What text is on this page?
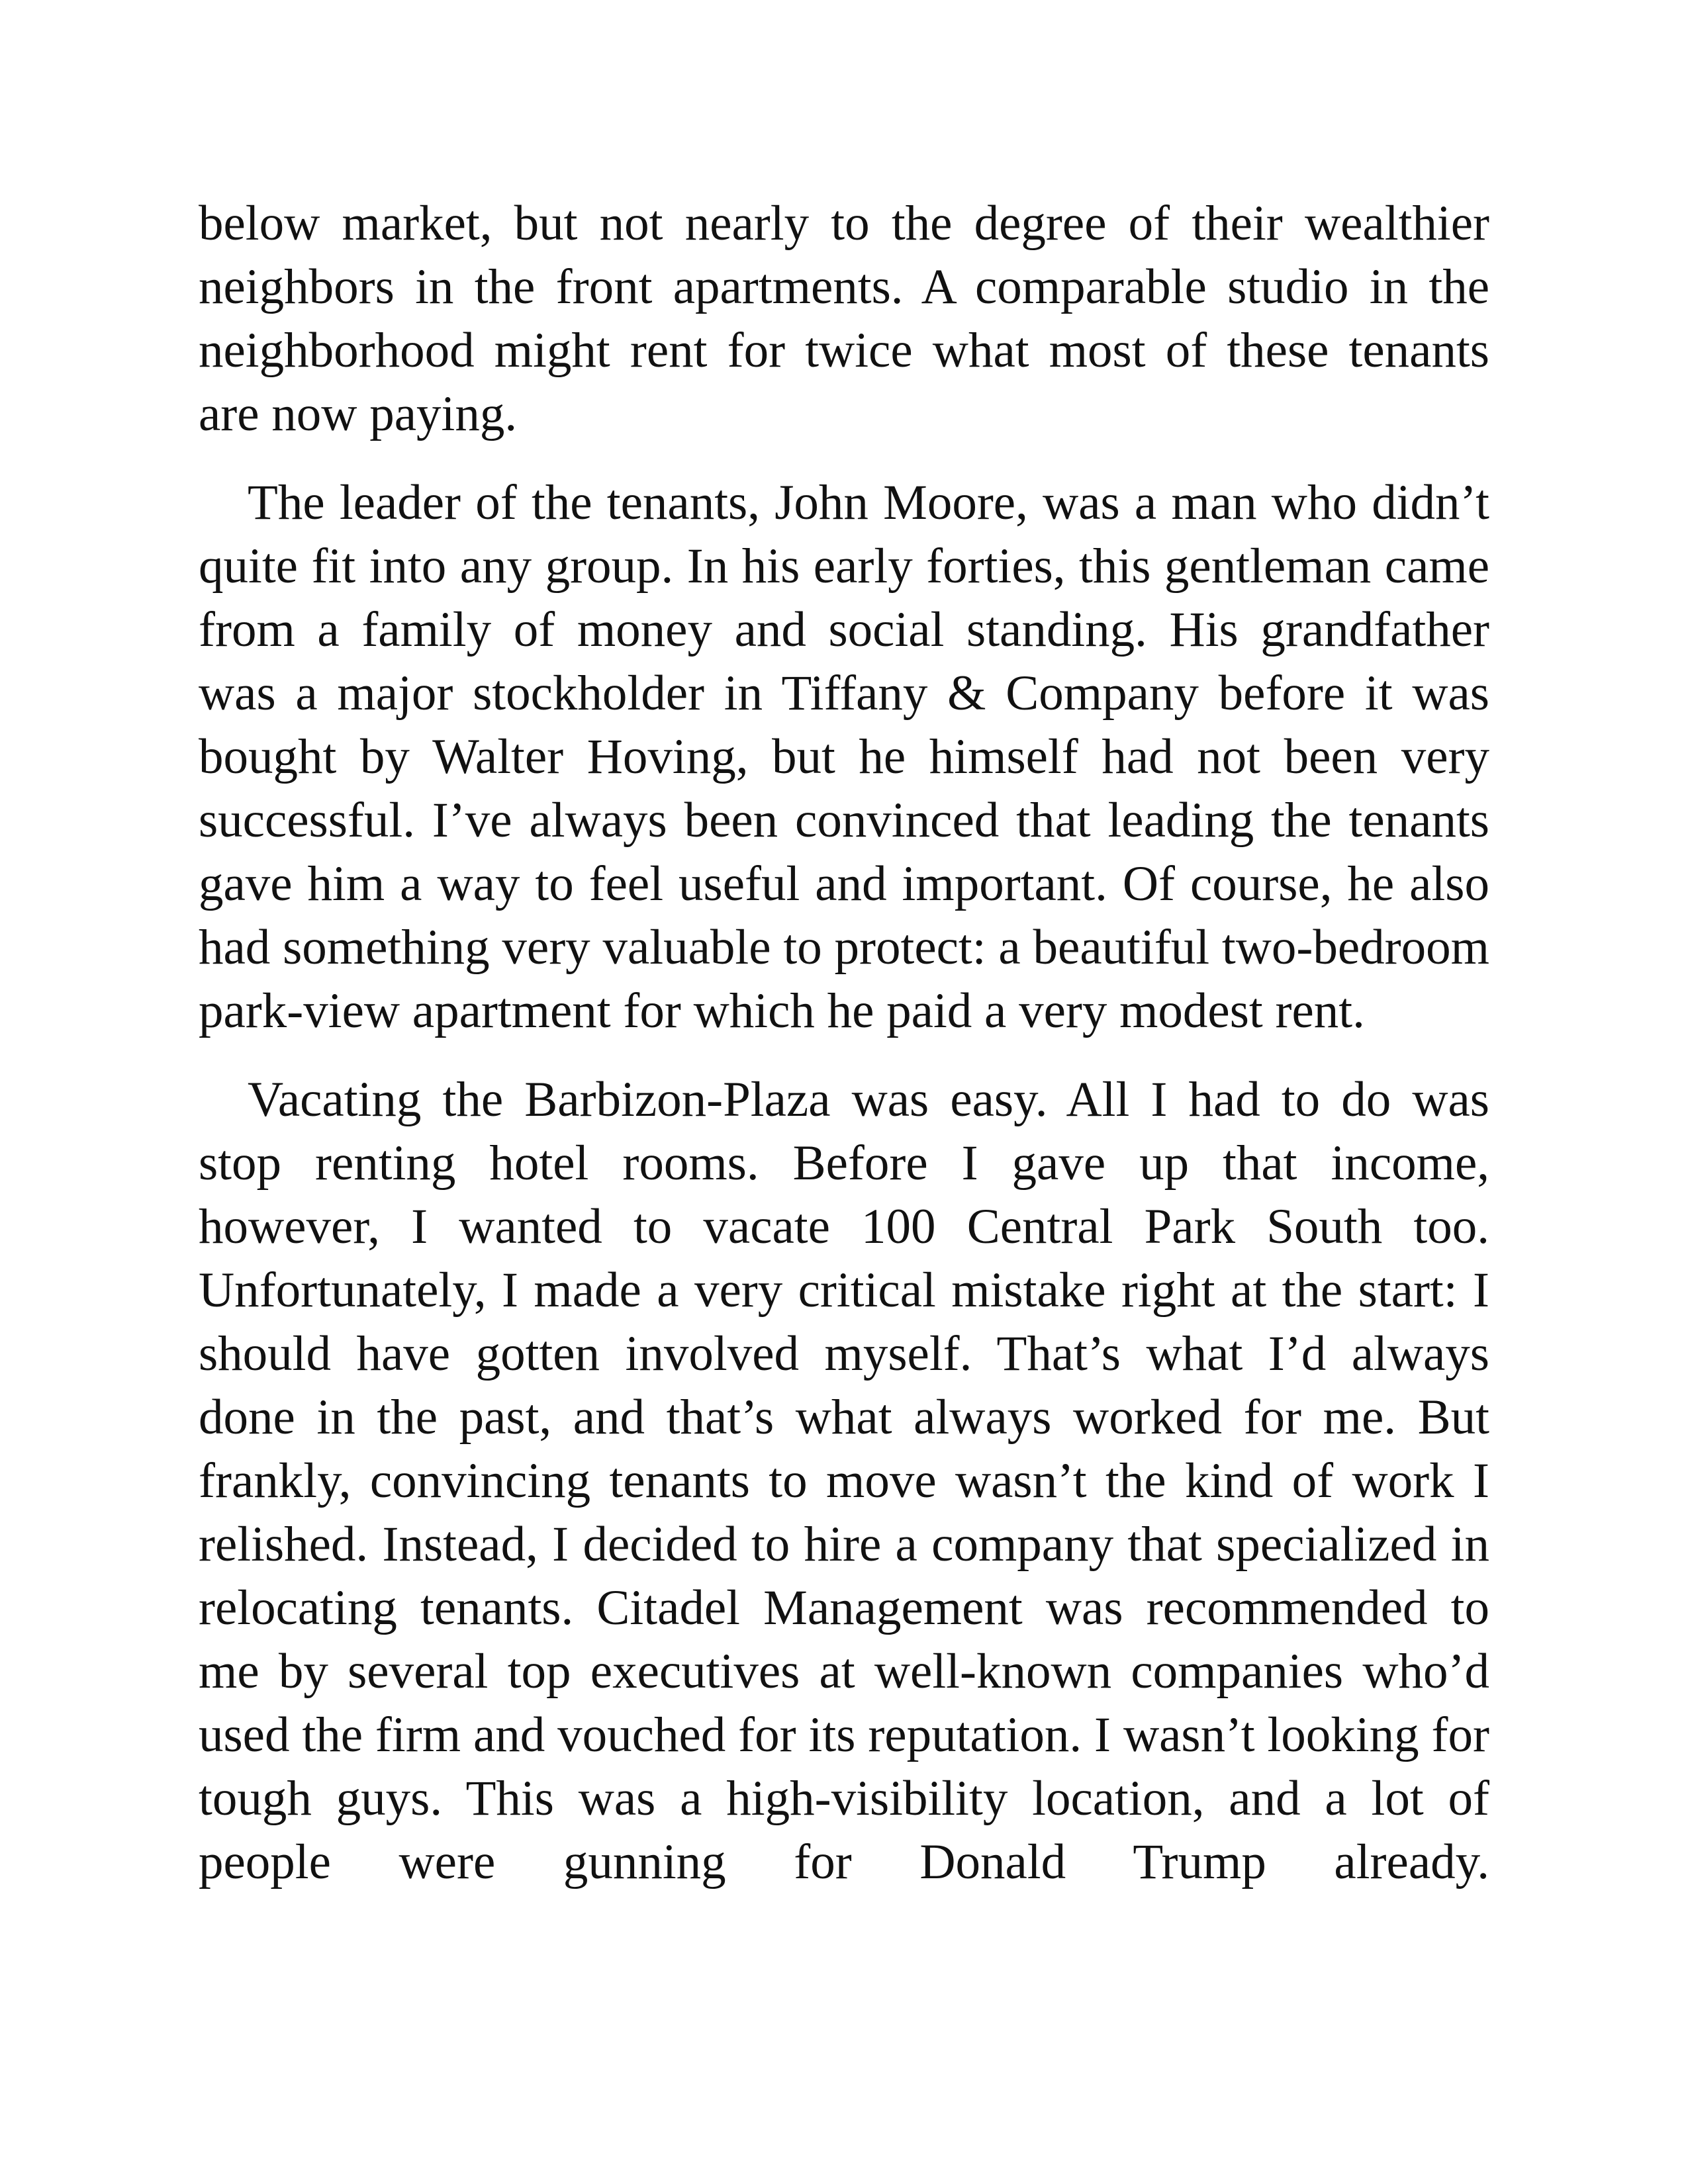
below market, but not nearly to the degree of their wealthier neighbors in the front apartments. A comparable studio in the neighborhood might rent for twice what most of these tenants are now paying.

The leader of the tenants, John Moore, was a man who didn’t quite fit into any group. In his early forties, this gentleman came from a family of money and social standing. His grandfather was a major stockholder in Tiffany & Company before it was bought by Walter Hoving, but he himself had not been very successful. I’ve always been convinced that leading the tenants gave him a way to feel useful and important. Of course, he also had something very valuable to protect: a beautiful two-bedroom park-view apartment for which he paid a very modest rent.

Vacating the Barbizon-Plaza was easy. All I had to do was stop renting hotel rooms. Before I gave up that income, however, I wanted to vacate 100 Central Park South too. Unfortunately, I made a very critical mistake right at the start: I should have gotten involved myself. That’s what I’d always done in the past, and that’s what always worked for me. But frankly, convincing tenants to move wasn’t the kind of work I relished. Instead, I decided to hire a company that specialized in relocating tenants. Citadel Management was recommended to me by several top executives at well-known companies who’d used the firm and vouched for its reputation. I wasn’t looking for tough guys. This was a high-visibility location, and a lot of people were gunning for Donald Trump already.
